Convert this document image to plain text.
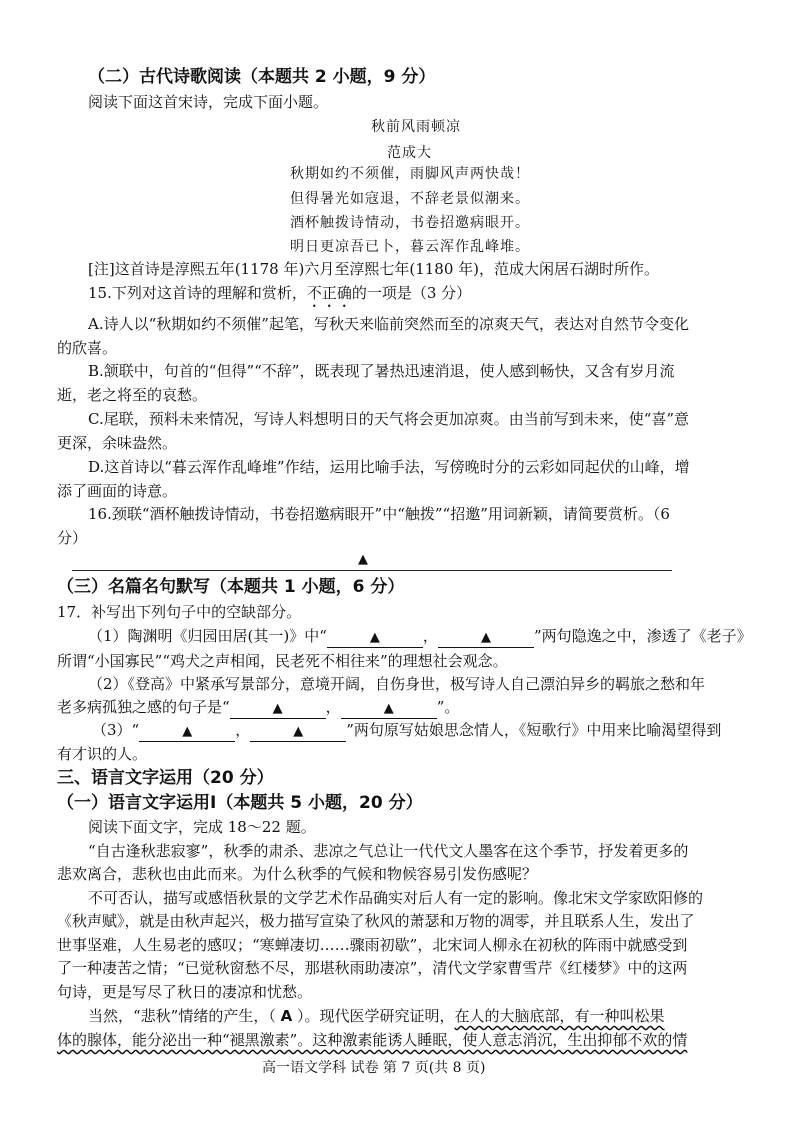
（二）古代诗歌阅读（本题共 2 小题，9 分）
阅读下面这首宋诗，完成下面小题。
秋前风雨顿凉
范成大
秋期如约不须催，雨脚风声两快哉！
但得暑光如寇退，不辞老景似潮来。
酒杯触拨诗情动，书卷招邀病眼开。
明日更凉吾已卜，暮云浑作乱峰堆。
[注]这首诗是淳熙五年(1178 年)六月至淳熙七年(1180 年)，范成大闲居石湖时所作。
15.下列对这首诗的理解和赏析，不正确的一项是（3 分）
A.诗人以“秋期如约不须催”起笔，写秋天来临前突然而至的凉爽天气，表达对自然节令变化
的欣喜。
B.颔联中，句首的“但得”“不辞”，既表现了暑热迅速消退，使人感到畅快，又含有岁月流
逝，老之将至的哀愁。
C.尾联，预料未来情况，写诗人料想明日的天气将会更加凉爽。由当前写到未来，使“喜”意
更深，余味盎然。
D.这首诗以“暮云浑作乱峰堆”作结，运用比喻手法，写傍晚时分的云彩如同起伏的山峰，增
添了画面的诗意。
16.颈联“酒杯触拨诗情动，书卷招邀病眼开”中“触拨”“招邀”用词新颖，请简要赏析。（6
分）
▲
（三）名篇名句默写（本题共 1 小题，6 分）
17．补写出下列句子中的空缺部分。
（1）陶渊明《归园田居(其一)》中“	▲	，	▲	”两句隐逸之中，渗透了《老子》
所谓“小国寡民”“鸡犬之声相闻，民老死不相往来”的理想社会观念。
（2）《登高》中紧承写景部分，意境开阔，自伤身世，极写诗人自己漂泊异乡的羁旅之愁和年
老多病孤独之感的句子是“	▲	，	▲	”。
（3）“	▲	，	▲	”两句原写姑娘思念情人，《短歌行》中用来比喻渴望得到
有才识的人。
三、语言文字运用（20 分）
（一）语言文字运用Ⅰ（本题共 5 小题，20 分）
阅读下面文字，完成 18～22 题。
“自古逢秋悲寂寥”，秋季的肃杀、悲凉之气总让一代代文人墨客在这个季节，抒发着更多的
悲欢离合，悲秋也由此而来。为什么秋季的气候和物候容易引发伤感呢？
不可否认，描写或感悟秋景的文学艺术作品确实对后人有一定的影响。像北宋文学家欧阳修的
《秋声赋》，就是由秋声起兴，极力描写宣染了秋风的萧瑟和万物的凋零，并且联系人生，发出了
世事坚难，人生易老的感叹；“寒蝉凄切……骤雨初歇”，北宋词人柳永在初秋的阵雨中就感受到
了一种凄苦之情；“已觉秋窗愁不尽，那堪秋雨助凄凉”，清代文学家曹雪芹《红楼梦》中的这两
句诗，更是写尽了秋日的凄凉和忧愁。
当然，“悲秋”情绪的产生，（ A ）。现代医学研究证明，在人的大脑底部，有一种叫松果
体的腺体，能分泌出一种“褪黑激素”。这种激素能诱人睡眠，使人意志消沉，生出抑郁不欢的情
高一语文学科 试卷 第 7 页(共 8 页)
